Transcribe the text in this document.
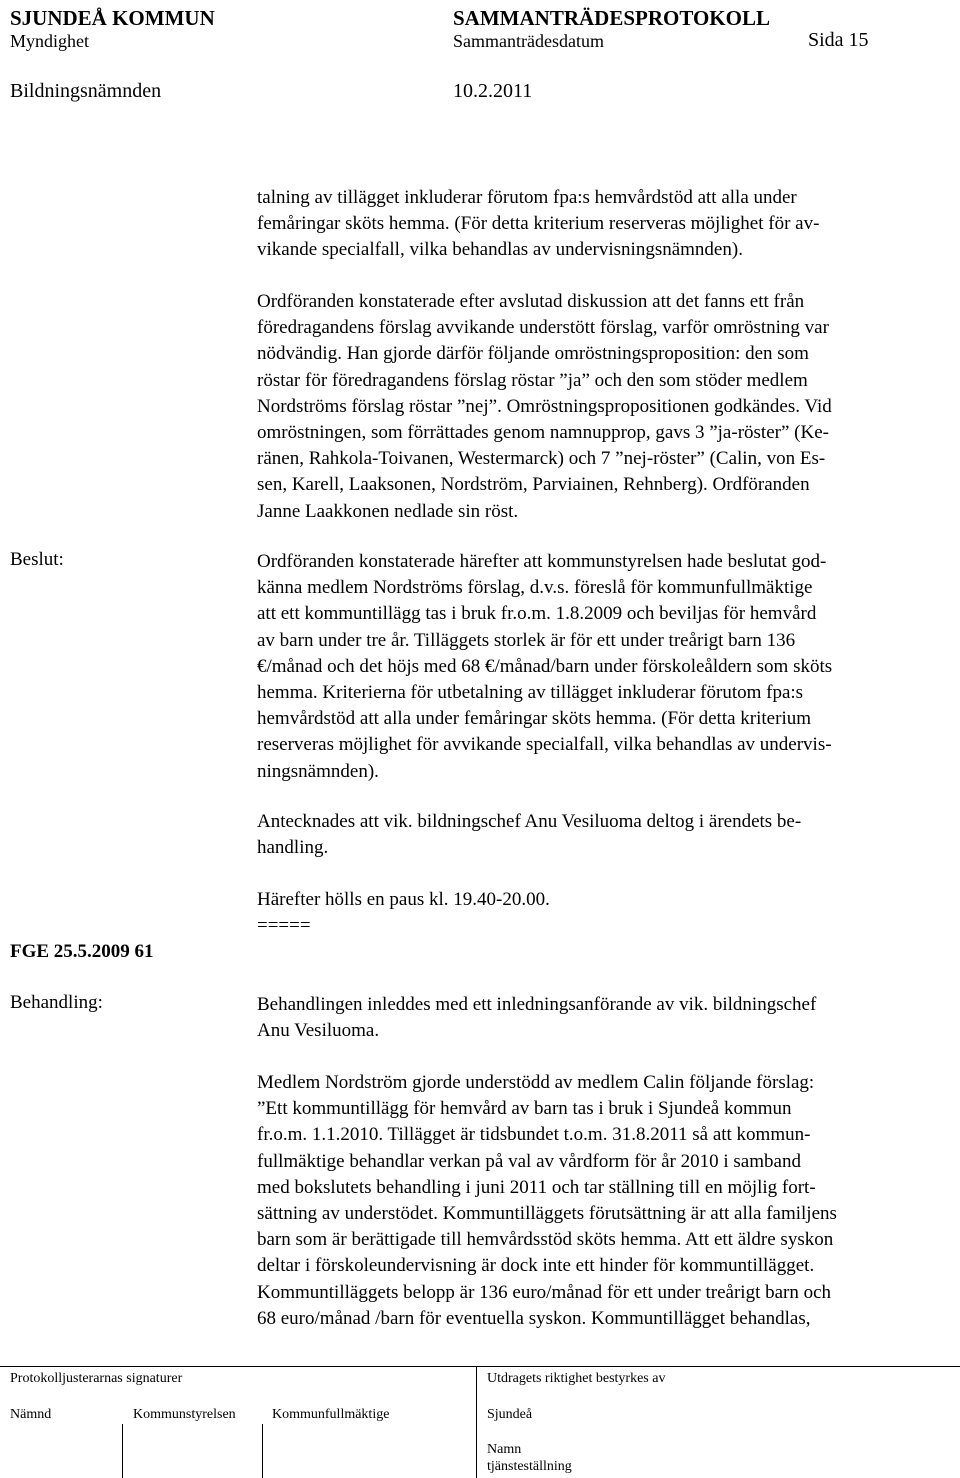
SJUNDEÅ KOMMUN	SAMMANTRÄDESPROTOKOLL
Myndighet	Sammanträdesdatum	Sida 15
Bildningsnämnden	10.2.2011
talning av tillägget inkluderar förutom fpa:s hemvårdstöd att alla under
femåringar sköts hemma. (För detta kriterium reserveras möjlighet för av-
vikande specialfall, vilka behandlas av undervisningsnämnden).
Ordföranden konstaterade efter avslutad diskussion att det fanns ett från
föredragandens förslag avvikande understött förslag, varför omröstning var
nödvändig. Han gjorde därför följande omröstningsproposition: den som
röstar för föredragandens förslag röstar ”ja” och den som stöder medlem
Nordströms förslag röstar ”nej”. Omröstningspropositionen godkändes. Vid
omröstningen, som förrättades genom namnupprop, gavs 3 ”ja-röster” (Ke-
ränen, Rahkola-Toivanen, Westermarck) och 7 ”nej-röster” (Calin, von Es-
sen, Karell, Laaksonen, Nordström, Parviainen, Rehnberg). Ordföranden
Janne Laakkonen nedlade sin röst.
Beslut:	Ordföranden konstaterade härefter att kommunstyrelsen hade beslutat god-
känna medlem Nordströms förslag, d.v.s. föreslå för kommunfullmäktige
att ett kommuntillägg tas i bruk fr.o.m. 1.8.2009 och beviljas för hemvård
av barn under tre år. Tilläggets storlek är för ett under treårigt barn 136
€/månad och det höjs med 68 €/månad/barn under förskoleåldern som sköts
hemma. Kriterierna för utbetalning av tillägget inkluderar förutom fpa:s
hemvårdstöd att alla under femåringar sköts hemma. (För detta kriterium
reserveras möjlighet för avvikande specialfall, vilka behandlas av undervis-
ningsnämnden).
Antecknades att vik. bildningschef Anu Vesiluoma deltog i ärendets be-
handling.
Härefter hölls en paus kl. 19.40-20.00.
=====
FGE 25.5.2009 61
Behandling:	Behandlingen inleddes med ett inledningsanförande av vik. bildningschef
Anu Vesiluoma.
Medlem Nordström gjorde understödd av medlem Calin följande förslag:
”Ett kommuntillägg för hemvård av barn tas i bruk i Sjundeå kommun
fr.o.m. 1.1.2010. Tillägget är tidsbundet t.o.m. 31.8.2011 så att kommun-
fullmäktige behandlar verkan på val av vårdform för år 2010 i samband
med bokslutets behandling i juni 2011 och tar ställning till en möjlig fort-
sättning av understödet. Kommuntilläggets förutsättning är att alla familjens
barn som är berättigade till hemvårdsstöd sköts hemma. Att ett äldre syskon
deltar i förskoleundervisning är dock inte ett hinder för kommuntillägget.
Kommuntilläggets belopp är 136 euro/månad för ett under treårigt barn och
68 euro/månad /barn för eventuella syskon. Kommuntillägget behandlas,
Protokolljusterarnas signaturer	Utdragets riktighet bestyrkes av
Nämnd	Kommunstyrelsen	Kommunfullmäktige	Sjundeå
Namn
tjänsteställning
